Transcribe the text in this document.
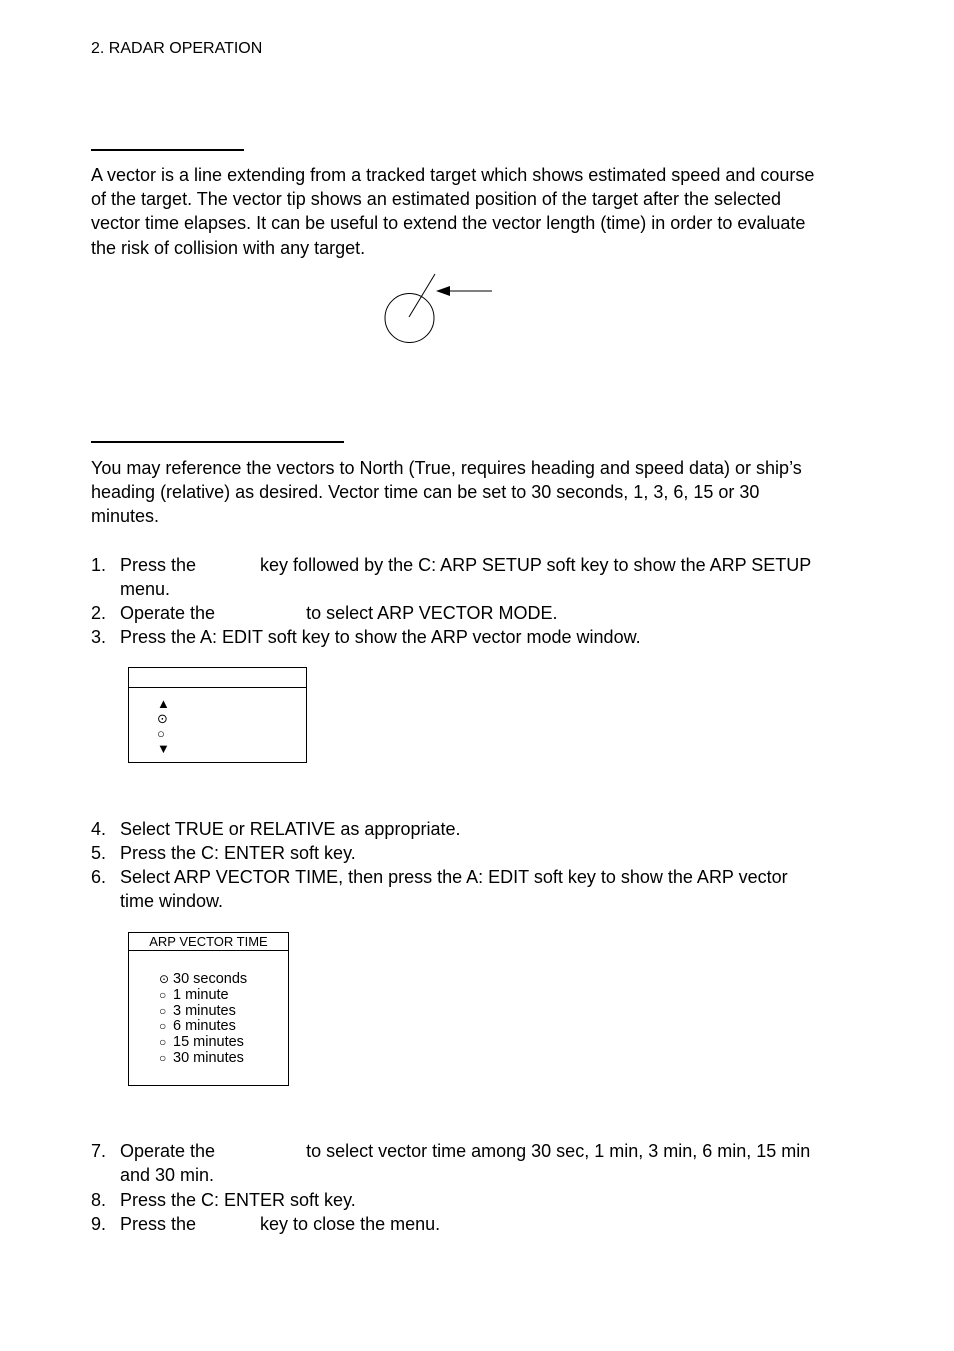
2. RADAR OPERATION
A vector is a line extending from a tracked target which shows estimated speed and course
of the target. The vector tip shows an estimated position of the target after the selected
vector time elapses. It can be useful to extend the vector length (time) in order to evaluate
the risk of collision with any target.
You may reference the vectors to North (True, requires heading and speed data) or ship’s
heading (relative) as desired. Vector time can be set to 30 seconds, 1, 3, 6, 15 or 30
minutes.
1. Press the	key followed by the C: ARP SETUP soft key to show the ARP SETUP
menu.
2. Operate the	to select ARP VECTOR MODE.
3. Press the A: EDIT soft key to show the ARP vector mode window.
▲
⊙
○
▼
4. Select TRUE or RELATIVE as appropriate.
5. Press the C: ENTER soft key.
6. Select ARP VECTOR TIME, then press the A: EDIT soft key to show the ARP vector
time window.
ARP VECTOR TIME
⊙ 30 seconds
○ 1 minute
○ 3 minutes
○ 6 minutes
○ 15 minutes
○ 30 minutes
7. Operate the	to select vector time among 30 sec, 1 min, 3 min, 6 min, 15 min
and 30 min.
8. Press the C: ENTER soft key.
9. Press the	key to close the menu.
